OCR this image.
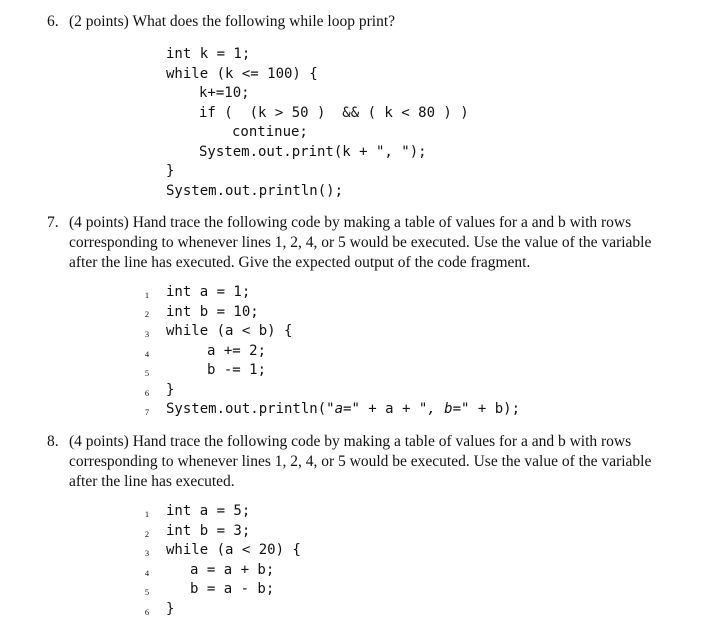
6. (2 points) What does the following while loop print?
int k = 1;
while (k <= 100) {
k+=10;
if (  (k > 50 )  && ( k < 80 ) )
continue;
System.out.print(k + ", ");
}
System.out.println();
7. (4 points) Hand trace the following code by making a table of values for a and b with rows
corresponding to whenever lines 1, 2, 4, or 5 would be executed. Use the value of the variable
after the line has executed. Give the expected output of the code fragment.
1
2
3
4
5
6
7
int a = 1;
int b = 10;
while (a < b) {
a += 2;
b -= 1;
}
System.out.println("a=" + a + ", b=" + b);
8. (4 points) Hand trace the following code by making a table of values for a and b with rows
corresponding to whenever lines 1, 2, 4, or 5 would be executed. Use the value of the variable
after the line has executed.
1
2
3
4
5
6
int a = 5;
int b = 3;
while (a < 20) {
a = a + b;
b = a - b;
}
